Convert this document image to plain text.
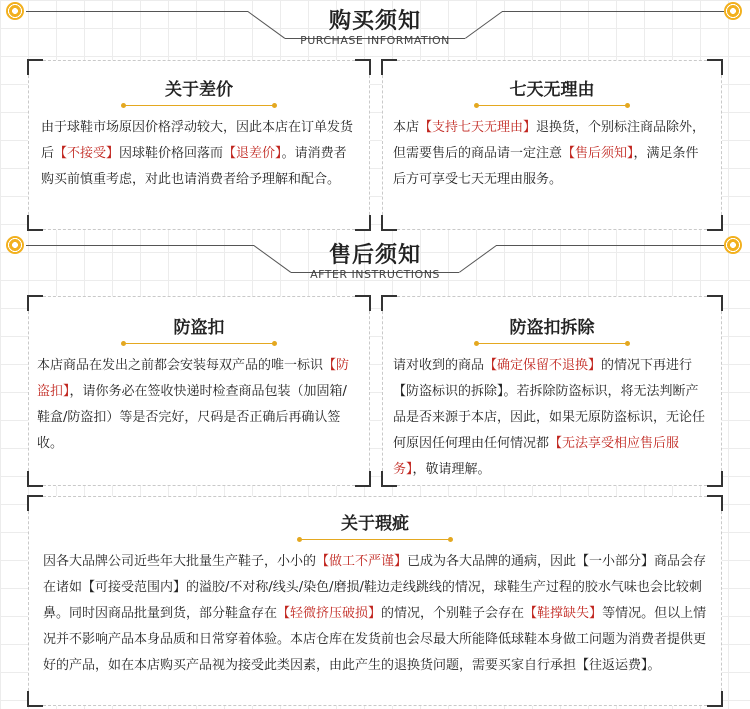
购买须知
PURCHASE INFORMATION
关于差价
由于球鞋市场原因价格浮动较大，因此本店在订单发货后【不接受】因球鞋价格回落而【退差价】。请消费者购买前慎重考虑，对此也请消费者给予理解和配合。
七天无理由
本店【支持七天无理由】退换货，个别标注商品除外，但需要售后的商品请一定注意【售后须知】，满足条件后方可享受七天无理由服务。
售后须知
AFTER INSTRUCTIONS
防盗扣
本店商品在发出之前都会安装每双产品的唯一标识【防盗扣】，请你务必在签收快递时检查商品包装（加固箱/鞋盒/防盗扣）等是否完好，尺码是否正确后再确认签收。
防盗扣拆除
请对收到的商品【确定保留不退换】的情况下再进行【防盗标识的拆除】。若拆除防盗标识，将无法判断产品是否来源于本店，因此，如果无原防盗标识，无论任何原因任何理由任何情况都【无法享受相应售后服务】，敬请理解。
关于瑕疵
因各大品牌公司近些年大批量生产鞋子，小小的【做工不严谨】已成为各大品牌的通病，因此【一小部分】商品会存在诸如【可接受范围内】的溢胶/不对称/线头/染色/磨损/鞋边走线跳线的情况，球鞋生产过程的胶水气味也会比较刺鼻。同时因商品批量到货，部分鞋盒存在【轻微挤压破损】的情况，个别鞋子会存在【鞋撑缺失】等情况。但以上情况并不影响产品本身品质和日常穿着体验。本店仓库在发货前也会尽最大所能降低球鞋本身做工问题为消费者提供更好的产品，如在本店购买产品视为接受此类因素，由此产生的退换货问题，需要买家自行承担【往返运费】。
